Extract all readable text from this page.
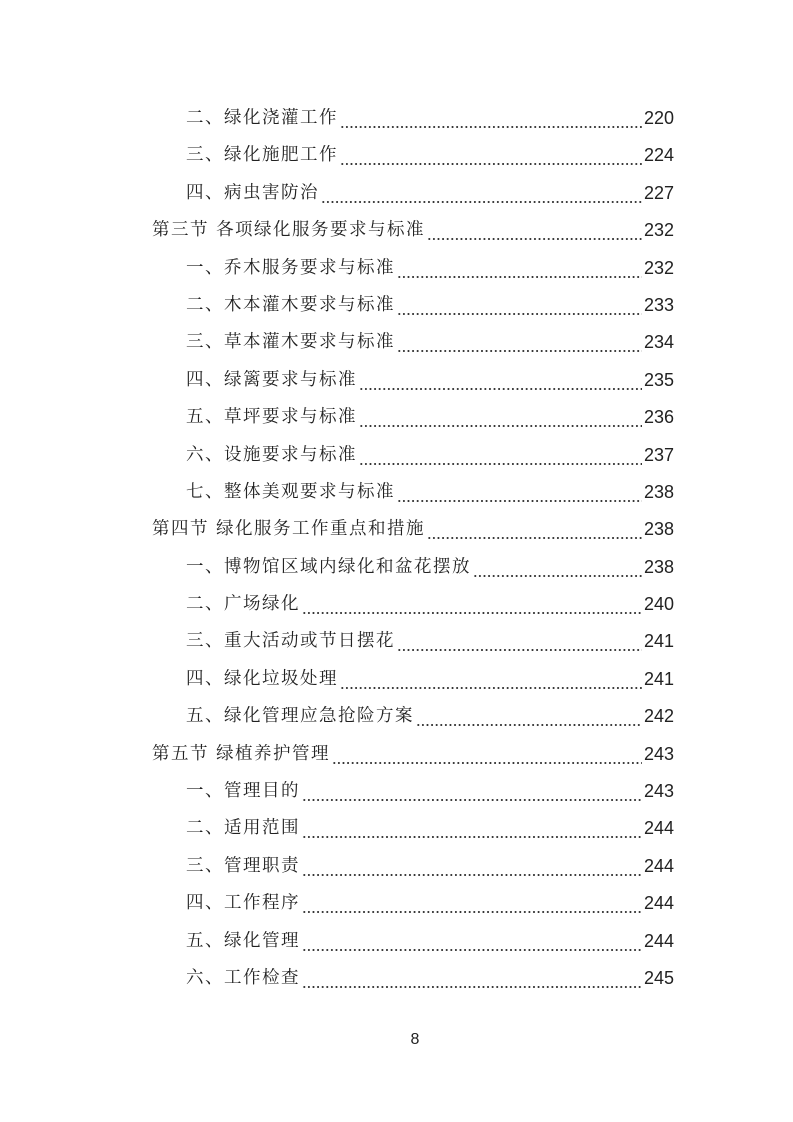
二、绿化浇灌工作	220
三、绿化施肥工作	224
四、病虫害防治	227
第三节 各项绿化服务要求与标准	232
一、乔木服务要求与标准	232
二、木本灌木要求与标准	233
三、草本灌木要求与标准	234
四、绿篱要求与标准	235
五、草坪要求与标准	236
六、设施要求与标准	237
七、整体美观要求与标准	238
第四节 绿化服务工作重点和措施	238
一、博物馆区域内绿化和盆花摆放	238
二、广场绿化	240
三、重大活动或节日摆花	241
四、绿化垃圾处理	241
五、绿化管理应急抢险方案	242
第五节 绿植养护管理	243
一、管理目的	243
二、适用范围	244
三、管理职责	244
四、工作程序	244
五、绿化管理	244
六、工作检查	245
8
